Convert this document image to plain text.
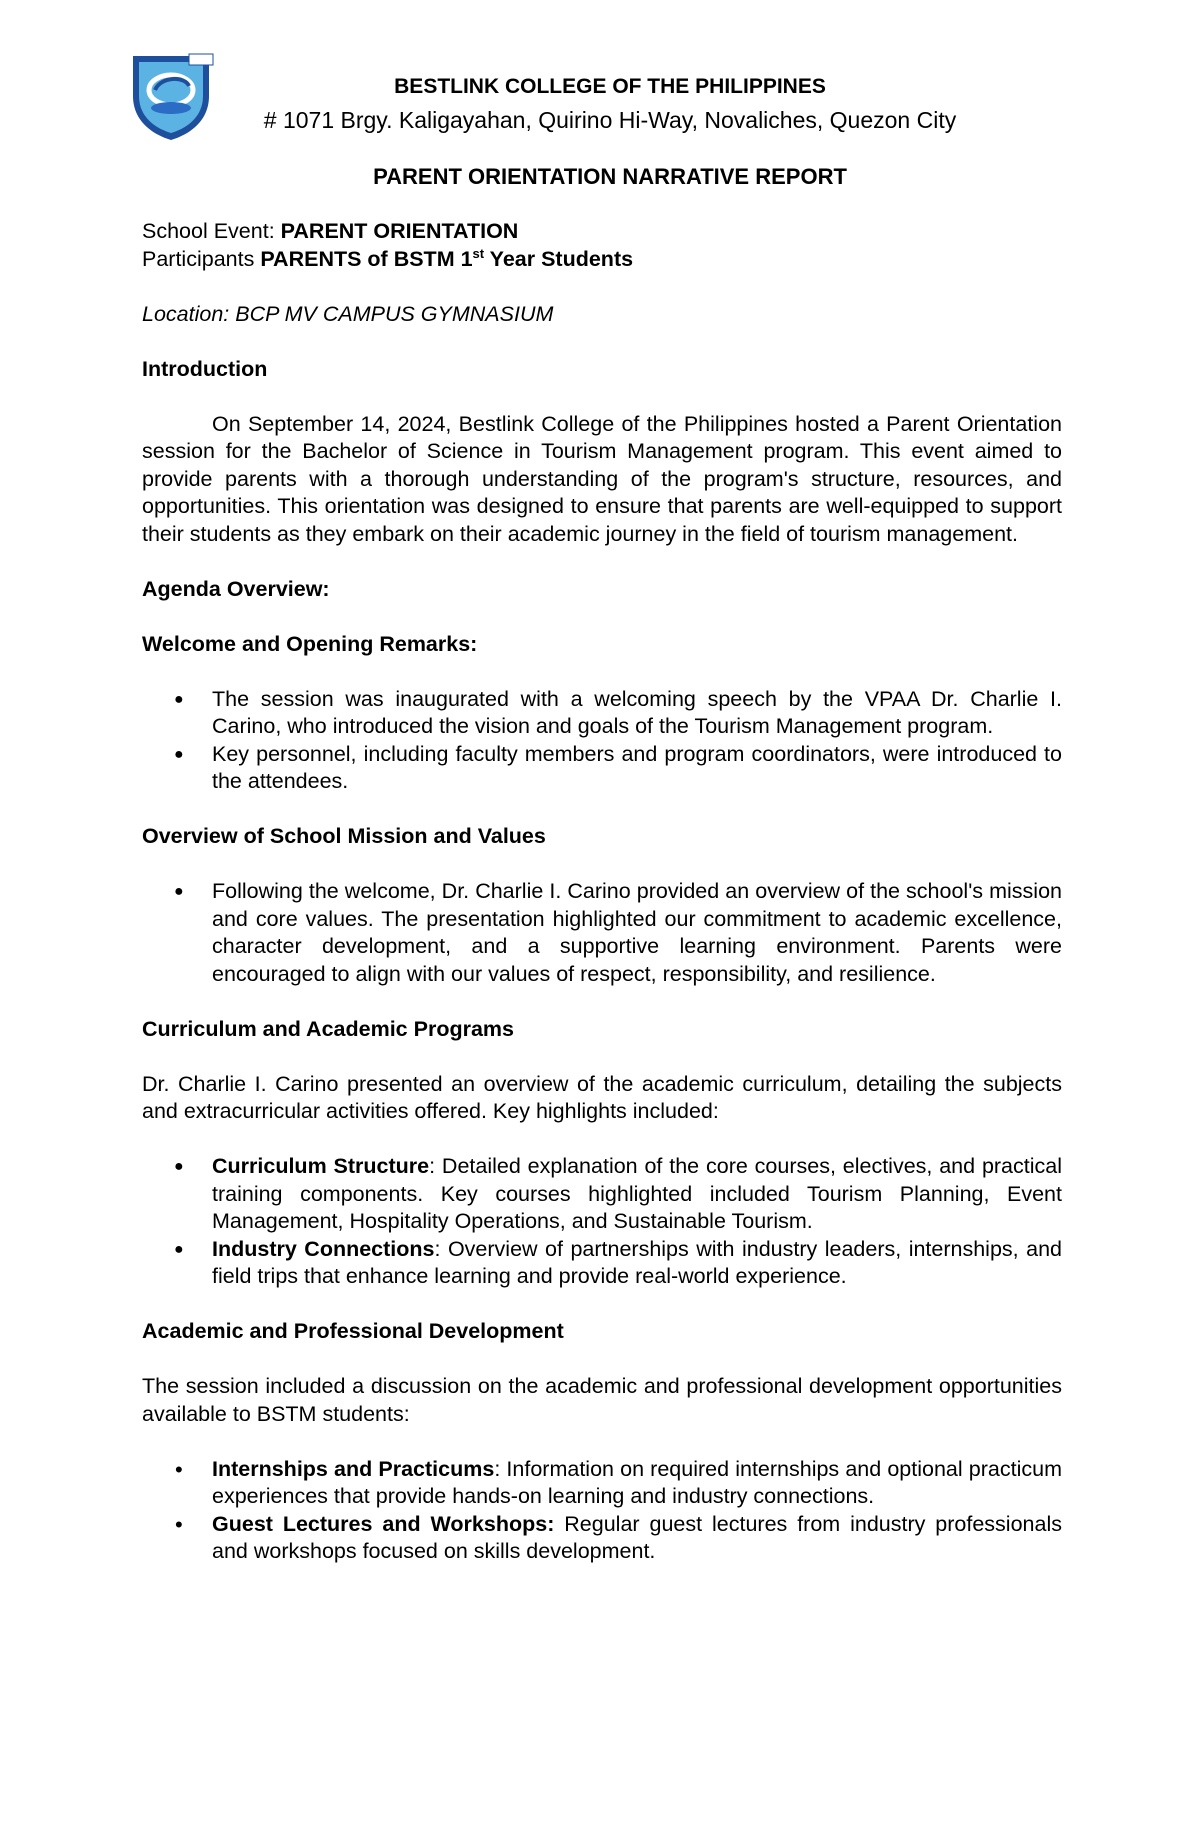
BESTLINK COLLEGE OF THE PHILIPPINES
# 1071 Brgy. Kaligayahan, Quirino Hi-Way, Novaliches, Quezon City
PARENT ORIENTATION NARRATIVE REPORT

School Event: PARENT ORIENTATION

Participants PARENTS of BSTM 1st Year Students

Location: BCP MV CAMPUS GYMNASIUM

Introduction

On September 14, 2024, Bestlink College of the Philippines hosted a Parent Orientation session for the Bachelor of Science in Tourism Management program. This event aimed to provide parents with a thorough understanding of the program's structure, resources, and opportunities. This orientation was designed to ensure that parents are well-equipped to support their students as they embark on their academic journey in the field of tourism management.

Agenda Overview:

Welcome and Opening Remarks:

● The session was inaugurated with a welcoming speech by the VPAA Dr. Charlie I. Carino, who introduced the vision and goals of the Tourism Management program.
● Key personnel, including faculty members and program coordinators, were introduced to the attendees.

Overview of School Mission and Values

● Following the welcome, Dr. Charlie I. Carino provided an overview of the school's mission and core values. The presentation highlighted our commitment to academic excellence, character development, and a supportive learning environment. Parents were encouraged to align with our values of respect, responsibility, and resilience.

Curriculum and Academic Programs

Dr. Charlie I. Carino presented an overview of the academic curriculum, detailing the subjects and extracurricular activities offered. Key highlights included:

● Curriculum Structure: Detailed explanation of the core courses, electives, and practical training components. Key courses highlighted included Tourism Planning, Event Management, Hospitality Operations, and Sustainable Tourism.
● Industry Connections: Overview of partnerships with industry leaders, internships, and field trips that enhance learning and provide real-world experience.

Academic and Professional Development

The session included a discussion on the academic and professional development opportunities available to BSTM students:

• Internships and Practicums: Information on required internships and optional practicum experiences that provide hands-on learning and industry connections.
• Guest Lectures and Workshops: Regular guest lectures from industry professionals and workshops focused on skills development.
